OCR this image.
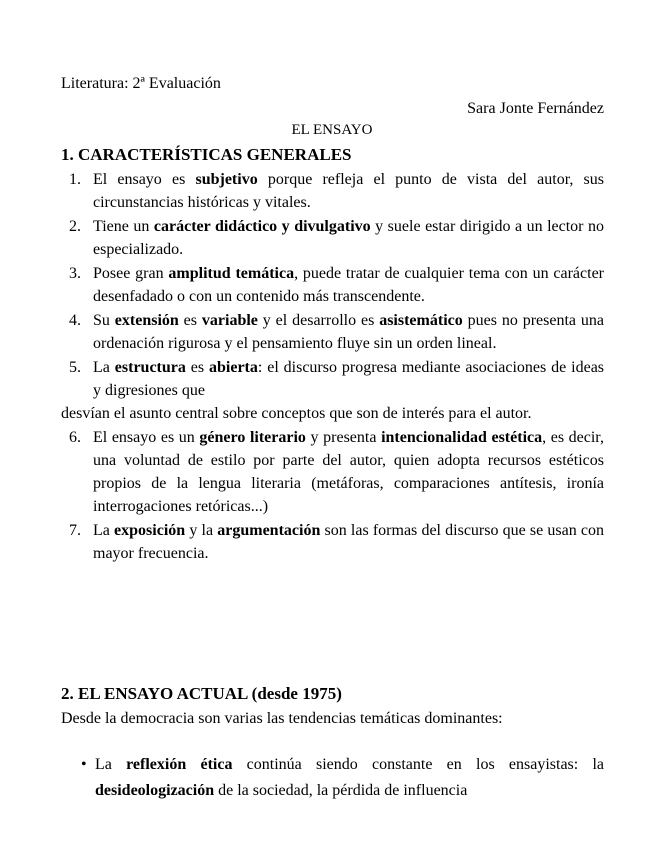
Literatura: 2ª Evaluación
Sara Jonte Fernández
EL ENSAYO
1. CARACTERÍSTICAS GENERALES
1. El ensayo es subjetivo porque refleja el punto de vista del autor, sus circunstancias históricas y vitales.
2. Tiene un carácter didáctico y divulgativo y suele estar dirigido a un lector no especializado.
3. Posee gran amplitud temática, puede tratar de cualquier tema con un carácter desenfadado o con un contenido más transcendente.
4. Su extensión es variable y el desarrollo es asistemático pues no presenta una ordenación rigurosa y el pensamiento fluye sin un orden lineal.
5. La estructura es abierta: el discurso progresa mediante asociaciones de ideas y digresiones que
desvían el asunto central sobre conceptos que son de interés para el autor.
6. El ensayo es un género literario y presenta intencionalidad estética, es decir, una voluntad de estilo por parte del autor, quien adopta recursos estéticos propios de la lengua literaria (metáforas, comparaciones antítesis, ironía interrogaciones retóricas...)
7. La exposición y la argumentación son las formas del discurso que se usan con mayor frecuencia.
2. EL ENSAYO ACTUAL (desde 1975)
Desde la democracia son varias las tendencias temáticas dominantes:
• La reflexión ética continúa siendo constante en los ensayistas: la desideologización de la sociedad, la pérdida de influencia
